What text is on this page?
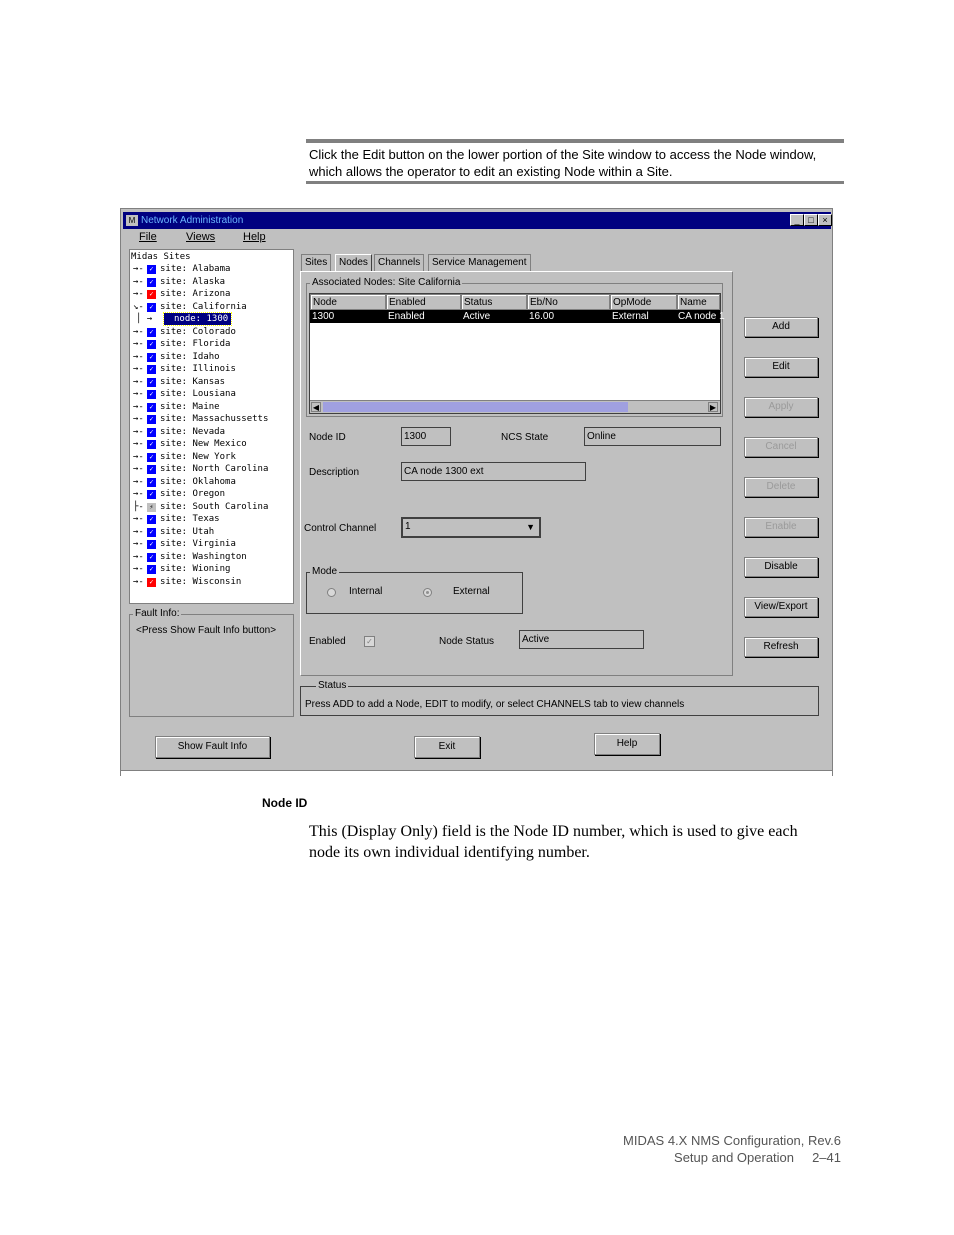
Click the Edit button on the lower portion of the Site window to access the Node window, which allows the operator to edit an existing Node within a Site.
M Network Administration	_ □ ×
File	Views	Help
Midas Sites
→- ✓ site: Alabama
→- ✓ site: Alaska
→- ✓ site: Arizona
↘- ✓ site: California
│ →	node: 1300
→- ✓ site: Colorado
→- ✓ site: Florida
→- ✓ site: Idaho
→- ✓ site: Illinois
→- ✓ site: Kansas
→- ✓ site: Lousiana
→- ✓ site: Maine
→- ✓ site: Massachussetts
→- ✓ site: Nevada
→- ✓ site: New Mexico
→- ✓ site: New York
→- ✓ site: North Carolina
→- ✓ site: Oklahoma
→- ✓ site: Oregon
├- ⚡ site: South Carolina
→- ✓ site: Texas
→- ✓ site: Utah
→- ✓ site: Virginia
→- ✓ site: Washington
→- ✓ site: Wioning
→- ✓ site: Wisconsin
Fault Info:
<Press Show Fault Info button>
Sites	Nodes	Channels	Service Management
Associated Nodes: Site California
Node	Enabled	Status	Eb/No	OpMode	Name
1300	Enabled	Active	16.00	External	CA node 1
◀	▶
Node ID	1300	NCS State	Online
Description	CA node 1300 ext
Control Channel	1	▼
Mode
Internal	External
Enabled	✓	Node Status	Active
Add
Edit
Apply
Cancel
Delete
Enable
Disable
View/Export
Refresh
Status
Press ADD to add a Node, EDIT to modify, or select CHANNELS tab to view channels
Show Fault Info	Exit	Help
Node ID
This (Display Only) field is the Node ID number, which is used to give each node its own individual identifying number.
MIDAS 4.X NMS Configuration, Rev.6
Setup and Operation     2–41
